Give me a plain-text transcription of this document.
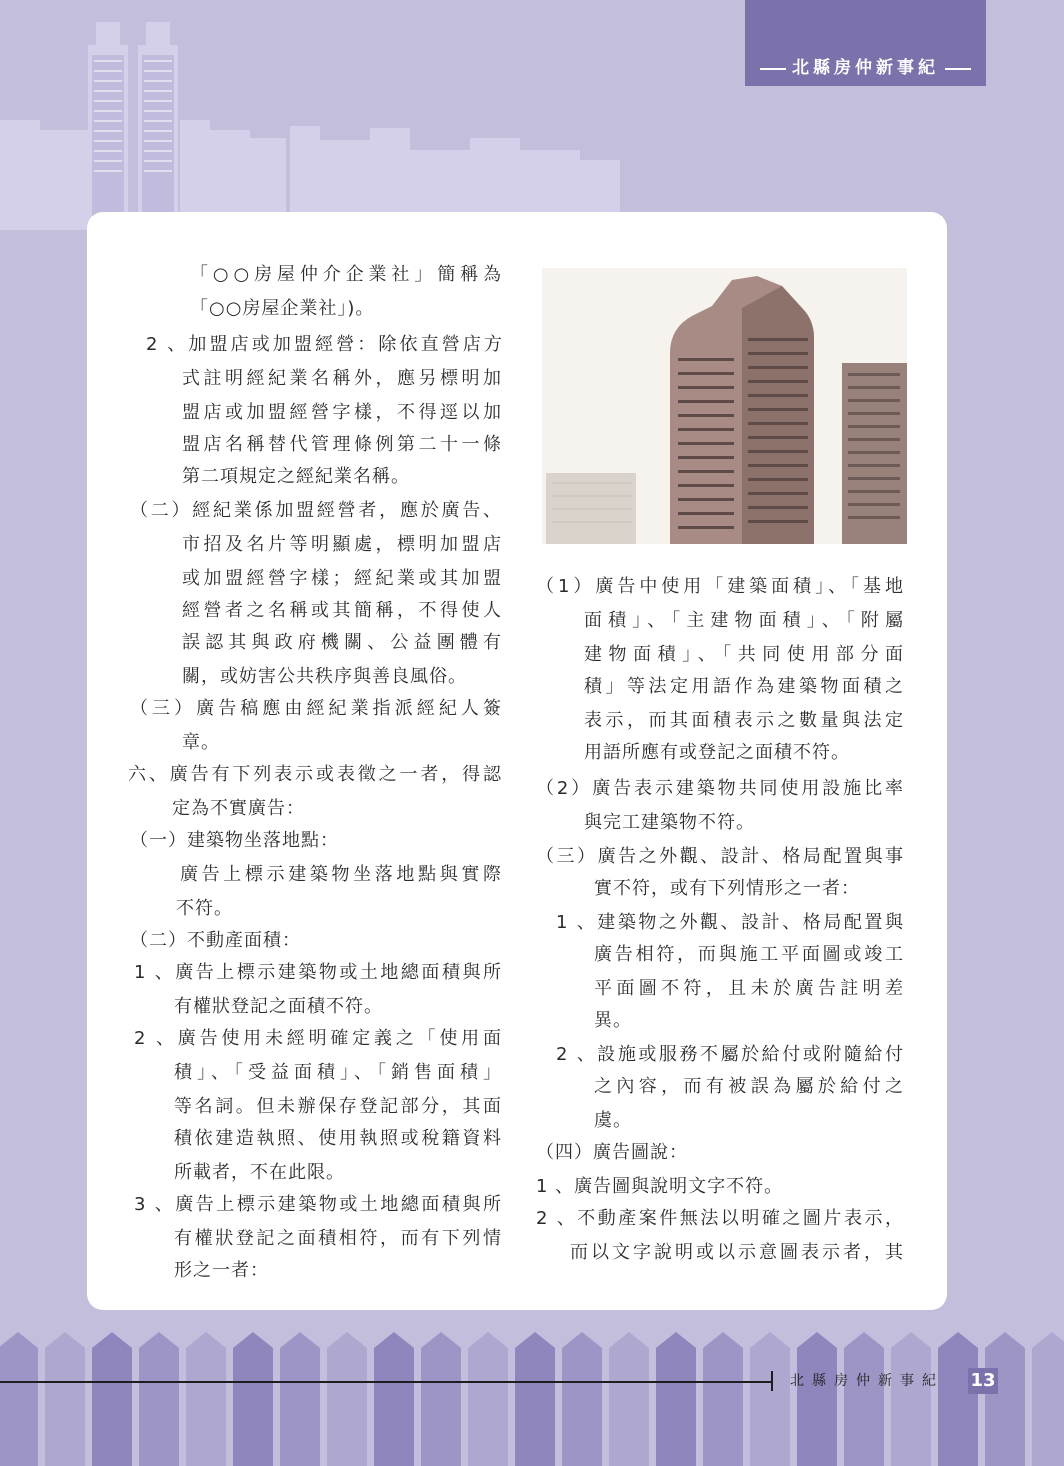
北縣房仲新事紀
北縣房仲新事紀 13
「○○房屋仲介企業社」簡稱為
「○○房屋企業社」)。
2 、加盟店或加盟經營：除依直營店方
式註明經紀業名稱外，應另標明加
盟店或加盟經營字樣，不得逕以加
盟店名稱替代管理條例第二十一條
第二項規定之經紀業名稱。
（二）經紀業係加盟經營者，應於廣告、
市招及名片等明顯處，標明加盟店
或加盟經營字樣；經紀業或其加盟
經營者之名稱或其簡稱，不得使人
誤認其與政府機關、公益團體有
關，或妨害公共秩序與善良風俗。
（三）廣告稿應由經紀業指派經紀人簽
章。
六、廣告有下列表示或表徵之一者，得認
定為不實廣告：
（一）建築物坐落地點：
廣告上標示建築物坐落地點與實際
不符。
（二）不動產面積：
1 、廣告上標示建築物或土地總面積與所
有權狀登記之面積不符。
2 、廣告使用未經明確定義之「使用面
積」、「受益面積」、「銷售面積」
等名詞。但未辦保存登記部分，其面
積依建造執照、使用執照或稅籍資料
所載者，不在此限。
3 、廣告上標示建築物或土地總面積與所
有權狀登記之面積相符，而有下列情
形之一者：
（1）廣告中使用「建築面積」、「基地
面積」、「主建物面積」、「附屬
建物面積」、「共同使用部分面
積」等法定用語作為建築物面積之
表示，而其面積表示之數量與法定
用語所應有或登記之面積不符。
（2）廣告表示建築物共同使用設施比率
與完工建築物不符。
（三）廣告之外觀、設計、格局配置與事
實不符，或有下列情形之一者：
1 、建築物之外觀、設計、格局配置與
廣告相符，而與施工平面圖或竣工
平面圖不符，且未於廣告註明差
異。
2 、設施或服務不屬於給付或附隨給付
之內容，而有被誤為屬於給付之
虞。
（四）廣告圖說：
1 、廣告圖與說明文字不符。
2 、不動產案件無法以明確之圖片表示，
而以文字說明或以示意圖表示者，其
